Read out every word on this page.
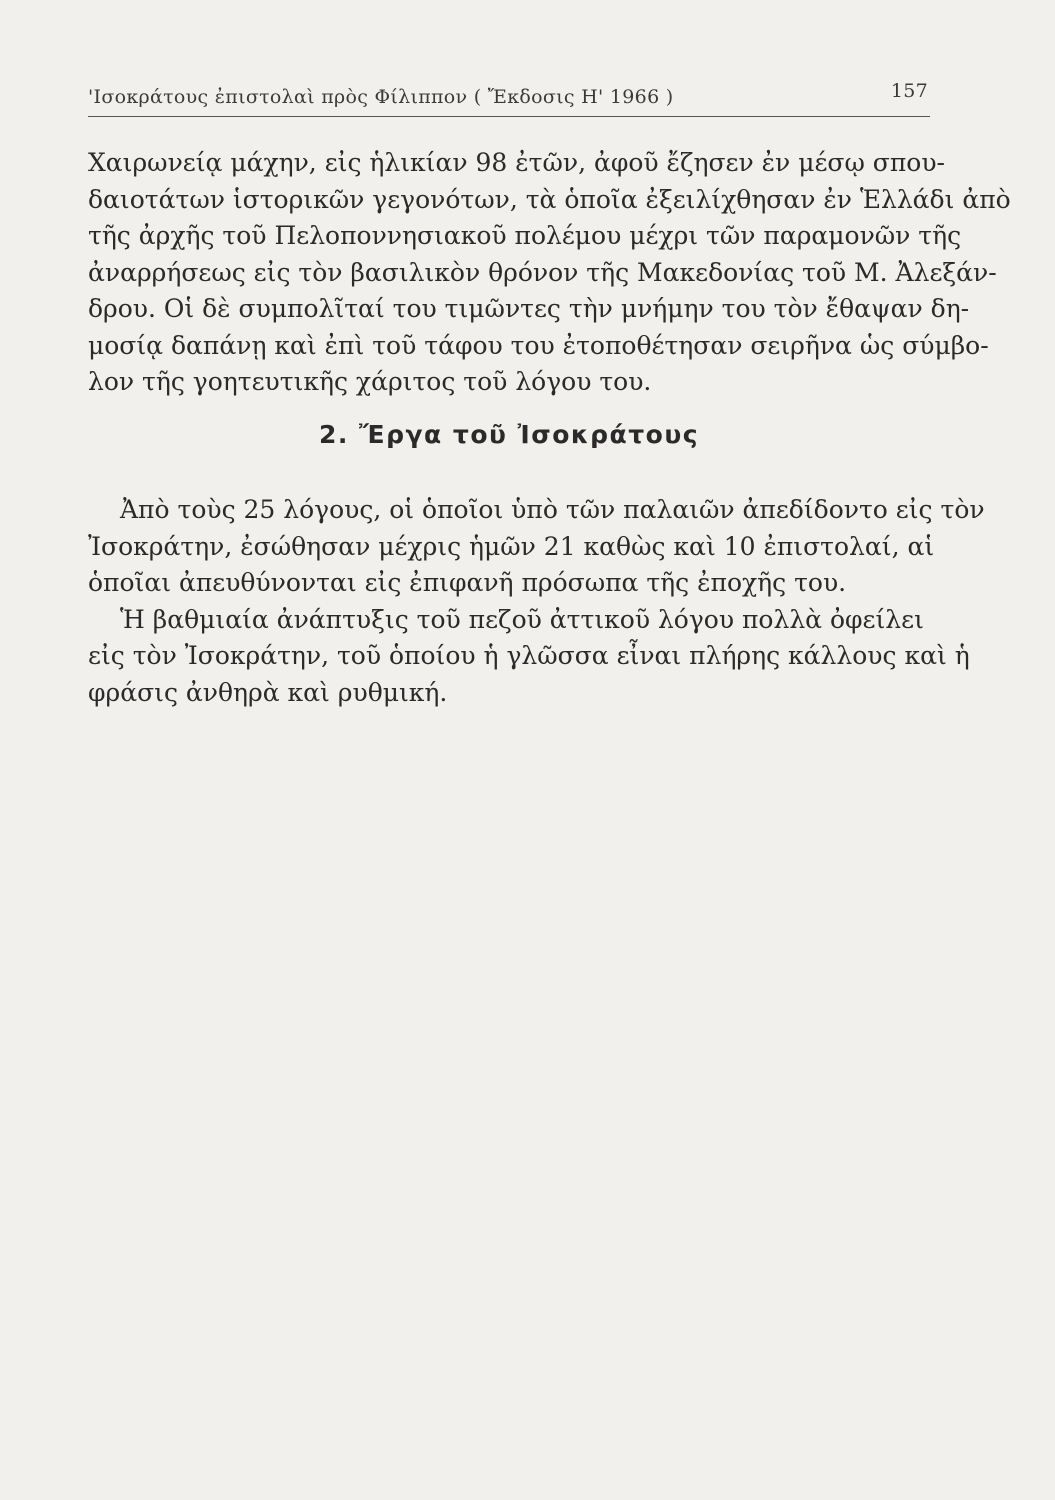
'Ισοκράτους ἐπιστολαὶ πρὸς Φίλιππον ( Ἔκδοσις Η' 1966 )	157
Χαιρωνείᾳ μάχην, εἰς ἡλικίαν 98 ἐτῶν, ἀφοῦ ἔζησεν ἐν μέσῳ σπου-
δαιοτάτων ἱστορικῶν γεγονότων, τὰ ὁποῖα ἐξειλίχθησαν ἐν Ἑλλάδι ἀπὸ
τῆς ἀρχῆς τοῦ Πελοποννησιακοῦ πολέμου μέχρι τῶν παραμονῶν τῆς
ἀναρρήσεως εἰς τὸν βασιλικὸν θρόνον τῆς Μακεδονίας τοῦ Μ. Ἀλεξάν-
δρου. Οἱ δὲ συμπολῖταί του τιμῶντες τὴν μνήμην του τὸν ἔθαψαν δη-
μοσίᾳ δαπάνῃ καὶ ἐπὶ τοῦ τάφου του ἐτοποθέτησαν σειρῆνα ὡς σύμβο-
λον τῆς γοητευτικῆς χάριτος τοῦ λόγου του.
2. Ἔργα τοῦ Ἰσοκράτους
Ἀπὸ τοὺς 25 λόγους, οἱ ὁποῖοι ὑπὸ τῶν παλαιῶν ἀπεδίδοντο εἰς τὸν
Ἰσοκράτην, ἐσώθησαν μέχρις ἡμῶν 21 καθὼς καὶ 10 ἐπιστολαί, αἱ
ὁποῖαι ἀπευθύνονται εἰς ἐπιφανῆ πρόσωπα τῆς ἐποχῆς του.
Ἡ βαθμιαία ἀνάπτυξις τοῦ πεζοῦ ἀττικοῦ λόγου πολλὰ ὀφείλει
εἰς τὸν Ἰσοκράτην, τοῦ ὁποίου ἡ γλῶσσα εἶναι πλήρης κάλλους καὶ ἡ
φράσις ἀνθηρὰ καὶ ρυθμική.
